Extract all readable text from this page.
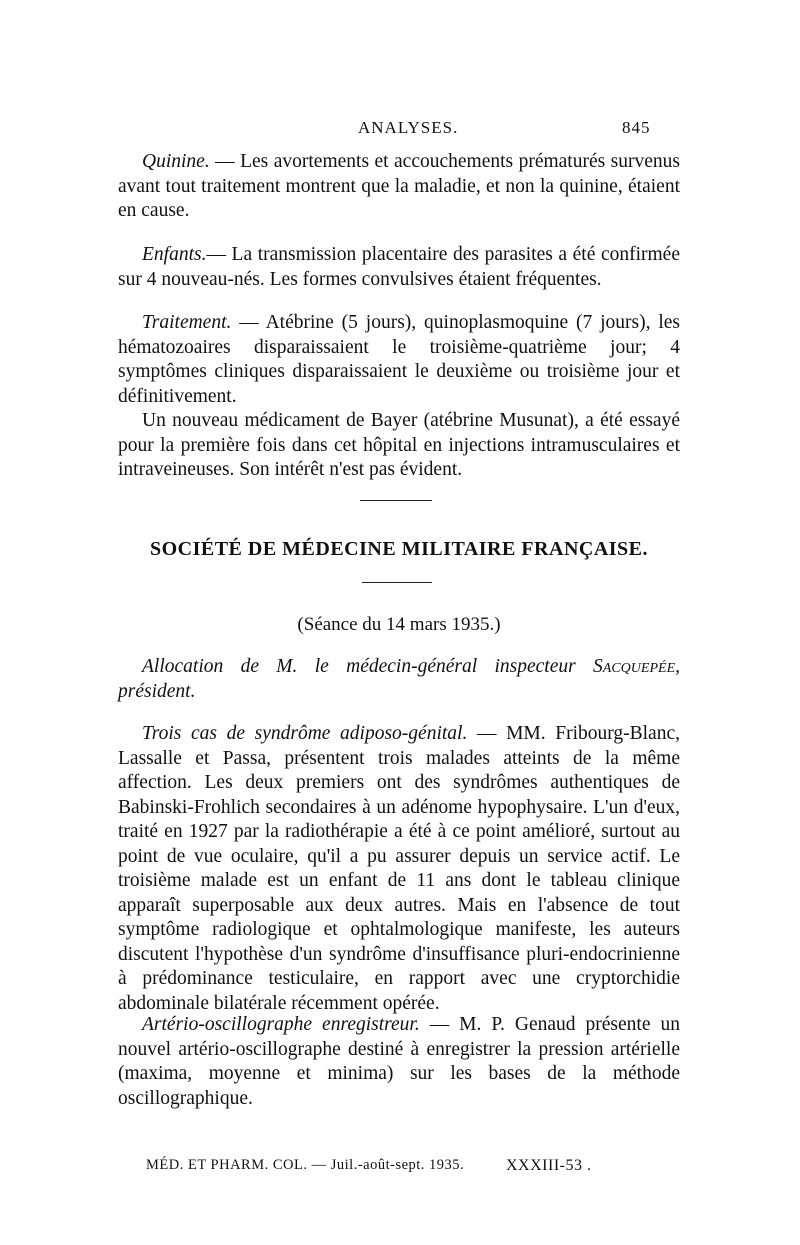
ANALYSES.	845

Quinine. — Les avortements et accouchements prématurés survenus avant tout traitement montrent que la maladie, et non la quinine, étaient en cause.

Enfants.— La transmission placentaire des parasites a été confirmée sur 4 nouveau-nés. Les formes convulsives étaient fréquentes.

Traitement. — Atébrine (5 jours), quinoplasmoquine (7 jours), les hématozoaires disparaissaient le troisième-quatrième jour; 4 symptômes cliniques disparaissaient le deuxième ou troisième jour et définitivement.

Un nouveau médicament de Bayer (atébrine Musunat), a été essayé pour la première fois dans cet hôpital en injections intramusculaires et intraveineuses. Son intérêt n'est pas évident.

SOCIÉTÉ DE MÉDECINE MILITAIRE FRANÇAISE.
(Séance du 14 mars 1935.)

Allocation de M. le médecin-général inspecteur Sacquepée, président.

Trois cas de syndrôme adiposo-génital. — MM. Fribourg-Blanc, Lassalle et Passa, présentent trois malades atteints de la même affection. Les deux premiers ont des syndrômes authentiques de Babinski-Frohlich secondaires à un adénome hypophysaire. L'un d'eux, traité en 1927 par la radiothérapie a été à ce point amélioré, surtout au point de vue oculaire, qu'il a pu assurer depuis un service actif. Le troisième malade est un enfant de 11 ans dont le tableau clinique apparaît superposable aux deux autres. Mais en l'absence de tout symptôme radiologique et ophtalmologique manifeste, les auteurs discutent l'hypothèse d'un syndrôme d'insuffisance pluri-endocrinienne à prédominance testiculaire, en rapport avec une cryptorchidie abdominale bilatérale récemment opérée.

Artério-oscillographe enregistreur. — M. P. Genaud présente un nouvel artério-oscillographe destiné à enregistrer la pression artérielle (maxima, moyenne et minima) sur les bases de la méthode oscillographique.

MÉD. ET PHARM. COL. — Juil.-août-sept. 1935.	XXXIII-53 .
